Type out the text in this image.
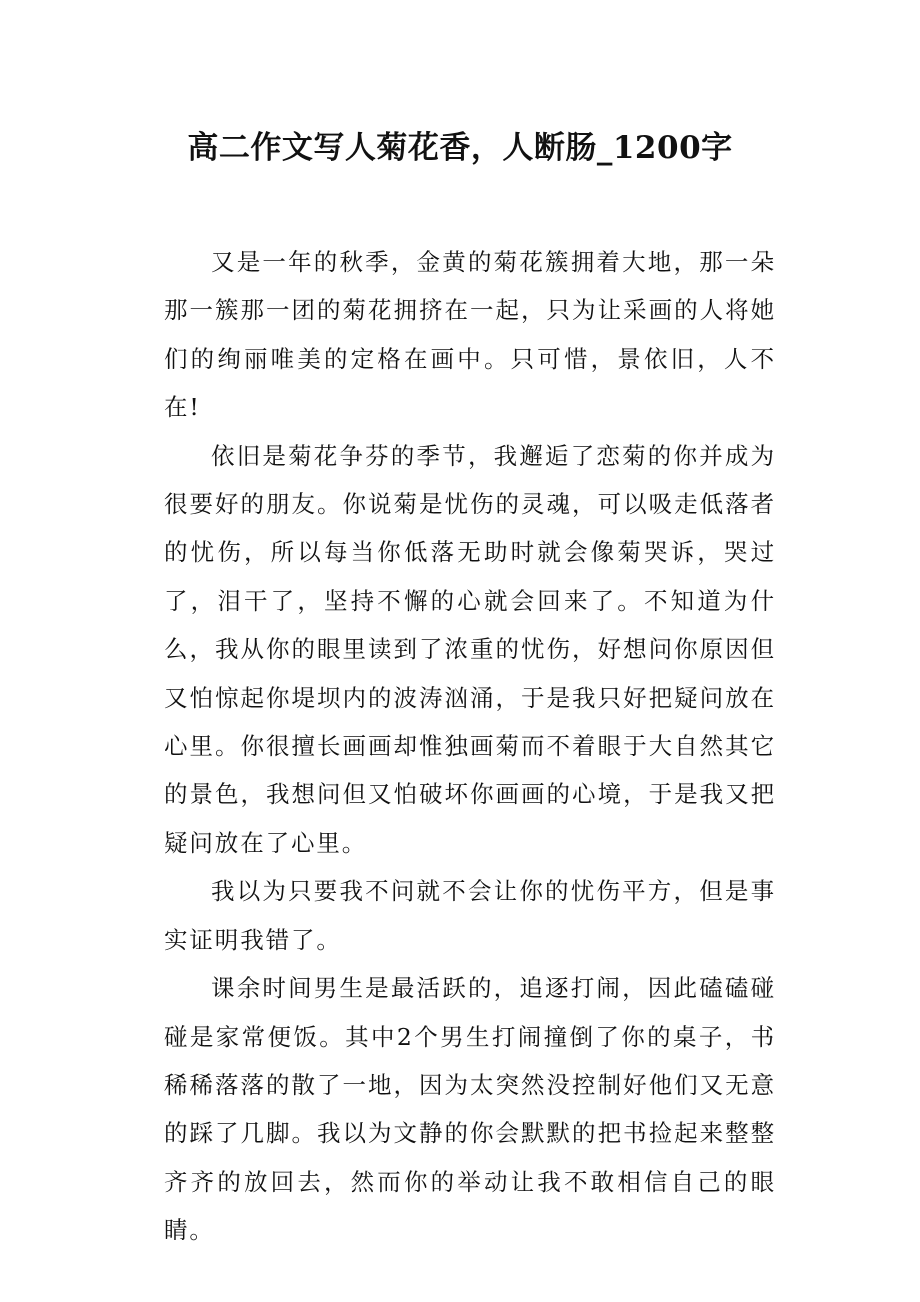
高二作文写人菊花香，人断肠_1200字

又是一年的秋季，金黄的菊花簇拥着大地，那一朵那一簇那一团的菊花拥挤在一起，只为让采画的人将她们的绚丽唯美的定格在画中。只可惜，景依旧，人不在!

依旧是菊花争芬的季节，我邂逅了恋菊的你并成为很要好的朋友。你说菊是忧伤的灵魂，可以吸走低落者的忧伤，所以每当你低落无助时就会像菊哭诉，哭过了，泪干了，坚持不懈的心就会回来了。不知道为什么，我从你的眼里读到了浓重的忧伤，好想问你原因但又怕惊起你堤坝内的波涛汹涌，于是我只好把疑问放在心里。你很擅长画画却惟独画菊而不着眼于大自然其它的景色，我想问但又怕破坏你画画的心境，于是我又把疑问放在了心里。

我以为只要我不问就不会让你的忧伤平方，但是事实证明我错了。

课余时间男生是最活跃的，追逐打闹，因此磕磕碰碰是家常便饭。其中2个男生打闹撞倒了你的桌子，书稀稀落落的散了一地，因为太突然没控制好他们又无意的踩了几脚。我以为文静的你会默默的把书捡起来整整齐齐的放回去，然而你的举动让我不敢相信自己的眼睛。
